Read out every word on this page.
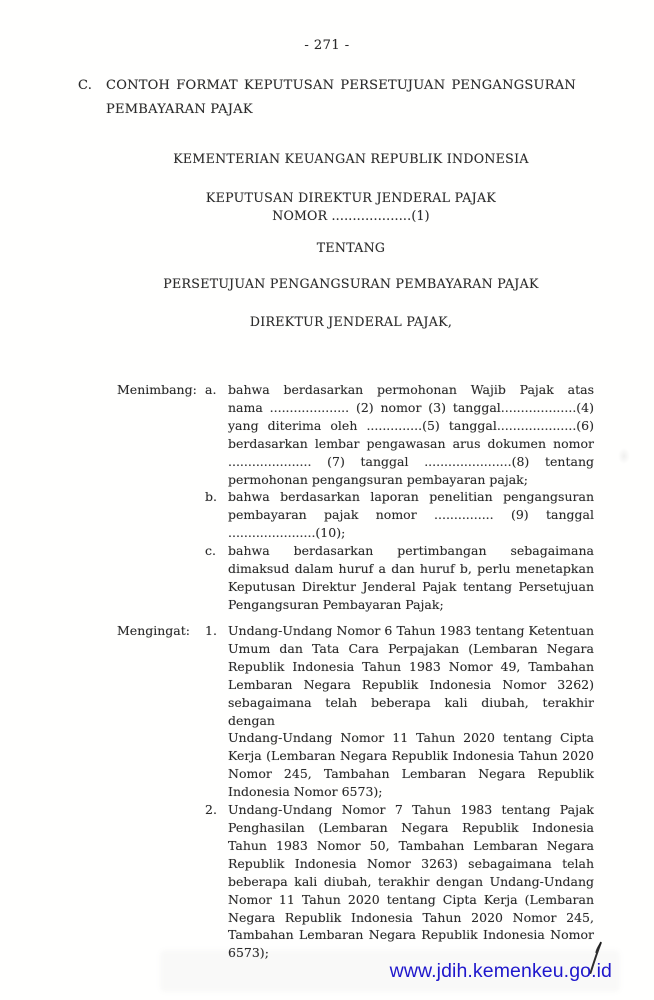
- 271 -
C.	CONTOH FORMAT KEPUTUSAN PERSETUJUAN PENGANGSURAN
PEMBAYARAN PAJAK
KEMENTERIAN KEUANGAN REPUBLIK INDONESIA
KEPUTUSAN DIREKTUR JENDERAL PAJAK
NOMOR ...................(1)
TENTANG
PERSETUJUAN PENGANGSURAN PEMBAYARAN PAJAK
DIREKTUR JENDERAL PAJAK,
Menimbang: a. bahwa berdasarkan permohonan Wajib Pajak atas
nama .................... (2) nomor (3) tanggal...................(4)
yang diterima oleh ..............(5) tanggal....................(6)
berdasarkan lembar pengawasan arus dokumen nomor
..................... (7) tanggal ......................(8) tentang
permohonan pengangsuran pembayaran pajak;
b. bahwa berdasarkan laporan penelitian pengangsuran
pembayaran pajak nomor ............... (9) tanggal
......................(10);
c. bahwa berdasarkan pertimbangan sebagaimana
dimaksud dalam huruf a dan huruf b, perlu menetapkan
Keputusan Direktur Jenderal Pajak tentang Persetujuan
Pengangsuran Pembayaran Pajak;
Mengingat:	1. Undang-Undang Nomor 6 Tahun 1983 tentang Ketentuan
Umum dan Tata Cara Perpajakan (Lembaran Negara
Republik Indonesia Tahun 1983 Nomor 49, Tambahan
Lembaran Negara Republik Indonesia Nomor 3262)
sebagaimana telah beberapa kali diubah, terakhir dengan
Undang-Undang Nomor 11 Tahun 2020 tentang Cipta
Kerja (Lembaran Negara Republik Indonesia Tahun 2020
Nomor 245, Tambahan Lembaran Negara Republik
Indonesia Nomor 6573);
2. Undang-Undang Nomor 7 Tahun 1983 tentang Pajak
Penghasilan (Lembaran Negara Republik Indonesia
Tahun 1983 Nomor 50, Tambahan Lembaran Negara
Republik Indonesia Nomor 3263) sebagaimana telah
beberapa kali diubah, terakhir dengan Undang-Undang
Nomor 11 Tahun 2020 tentang Cipta Kerja (Lembaran
Negara Republik Indonesia Tahun 2020 Nomor 245,
Tambahan Lembaran Negara Republik Indonesia Nomor
6573);
www.jdih.kemenkeu.go.id
